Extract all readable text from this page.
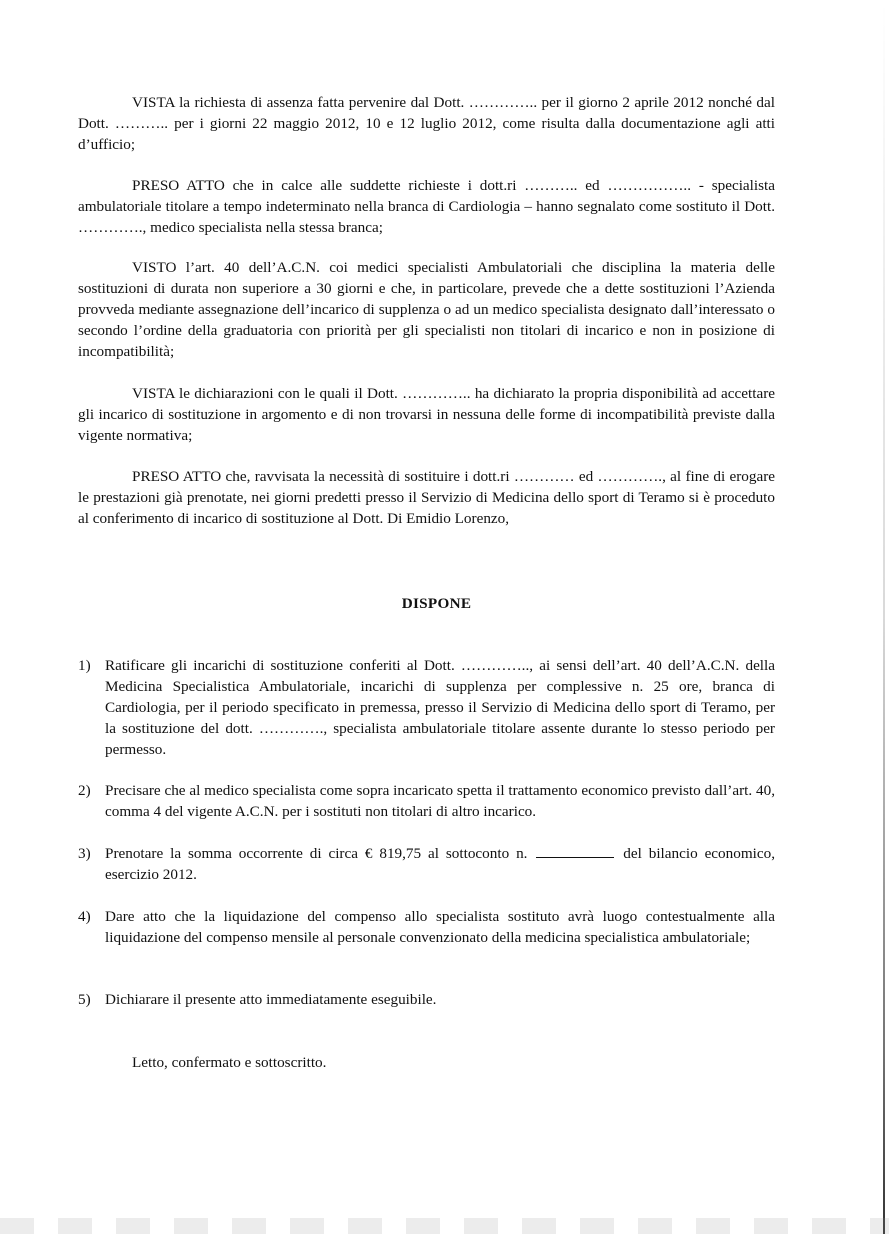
VISTA la richiesta di assenza fatta pervenire dal Dott. ………….. per il giorno 2 aprile 2012 nonché dal Dott. ……….. per i giorni 22 maggio 2012, 10 e 12 luglio 2012, come risulta dalla documentazione agli atti d’ufficio;

PRESO ATTO che in calce alle suddette richieste i dott.ri ……….. ed …………….. - specialista ambulatoriale titolare a tempo indeterminato nella branca di Cardiologia – hanno segnalato come sostituto il Dott. …………., medico specialista nella stessa branca;

VISTO l’art. 40 dell’A.C.N. coi medici specialisti Ambulatoriali che disciplina la materia delle sostituzioni di durata non superiore a 30 giorni e che, in particolare, prevede che a dette sostituzioni l’Azienda provveda mediante assegnazione dell’incarico di supplenza o ad un medico specialista designato dall’interessato o secondo l’ordine della graduatoria con priorità per gli specialisti non titolari di incarico e non in posizione di incompatibilità;

VISTA le dichiarazioni con le quali il Dott. ………….. ha dichiarato la propria disponibilità ad accettare gli incarico di sostituzione in argomento e di non trovarsi in nessuna delle forme di incompatibilità previste dalla vigente normativa;

PRESO ATTO che, ravvisata la necessità di sostituire i dott.ri ………… ed …………., al fine di erogare le prestazioni già prenotate, nei giorni predetti presso il Servizio di Medicina dello sport di Teramo si è proceduto al conferimento di incarico di sostituzione al Dott. Di Emidio Lorenzo,

DISPONE
1) Ratificare gli incarichi di sostituzione conferiti al Dott. ………….., ai sensi dell’art. 40 dell’A.C.N. della Medicina Specialistica Ambulatoriale, incarichi di supplenza per complessive n. 25 ore, branca di Cardiologia, per il periodo specificato in premessa, presso il Servizio di Medicina dello sport di Teramo, per la sostituzione del dott. …………., specialista ambulatoriale titolare assente durante lo stesso periodo per permesso.
2) Precisare che al medico specialista come sopra incaricato spetta il trattamento economico previsto dall’art. 40, comma 4 del vigente A.C.N. per i sostituti non titolari di altro incarico.
3) Prenotare la somma occorrente di circa € 819,75 al sottoconto n.	del bilancio economico, esercizio 2012.
4) Dare atto che la liquidazione del compenso allo specialista sostituto avrà luogo contestualmente alla liquidazione del compenso mensile al personale convenzionato della medicina specialistica ambulatoriale;
5) Dichiarare il presente atto immediatamente eseguibile.

Letto, confermato e sottoscritto.
